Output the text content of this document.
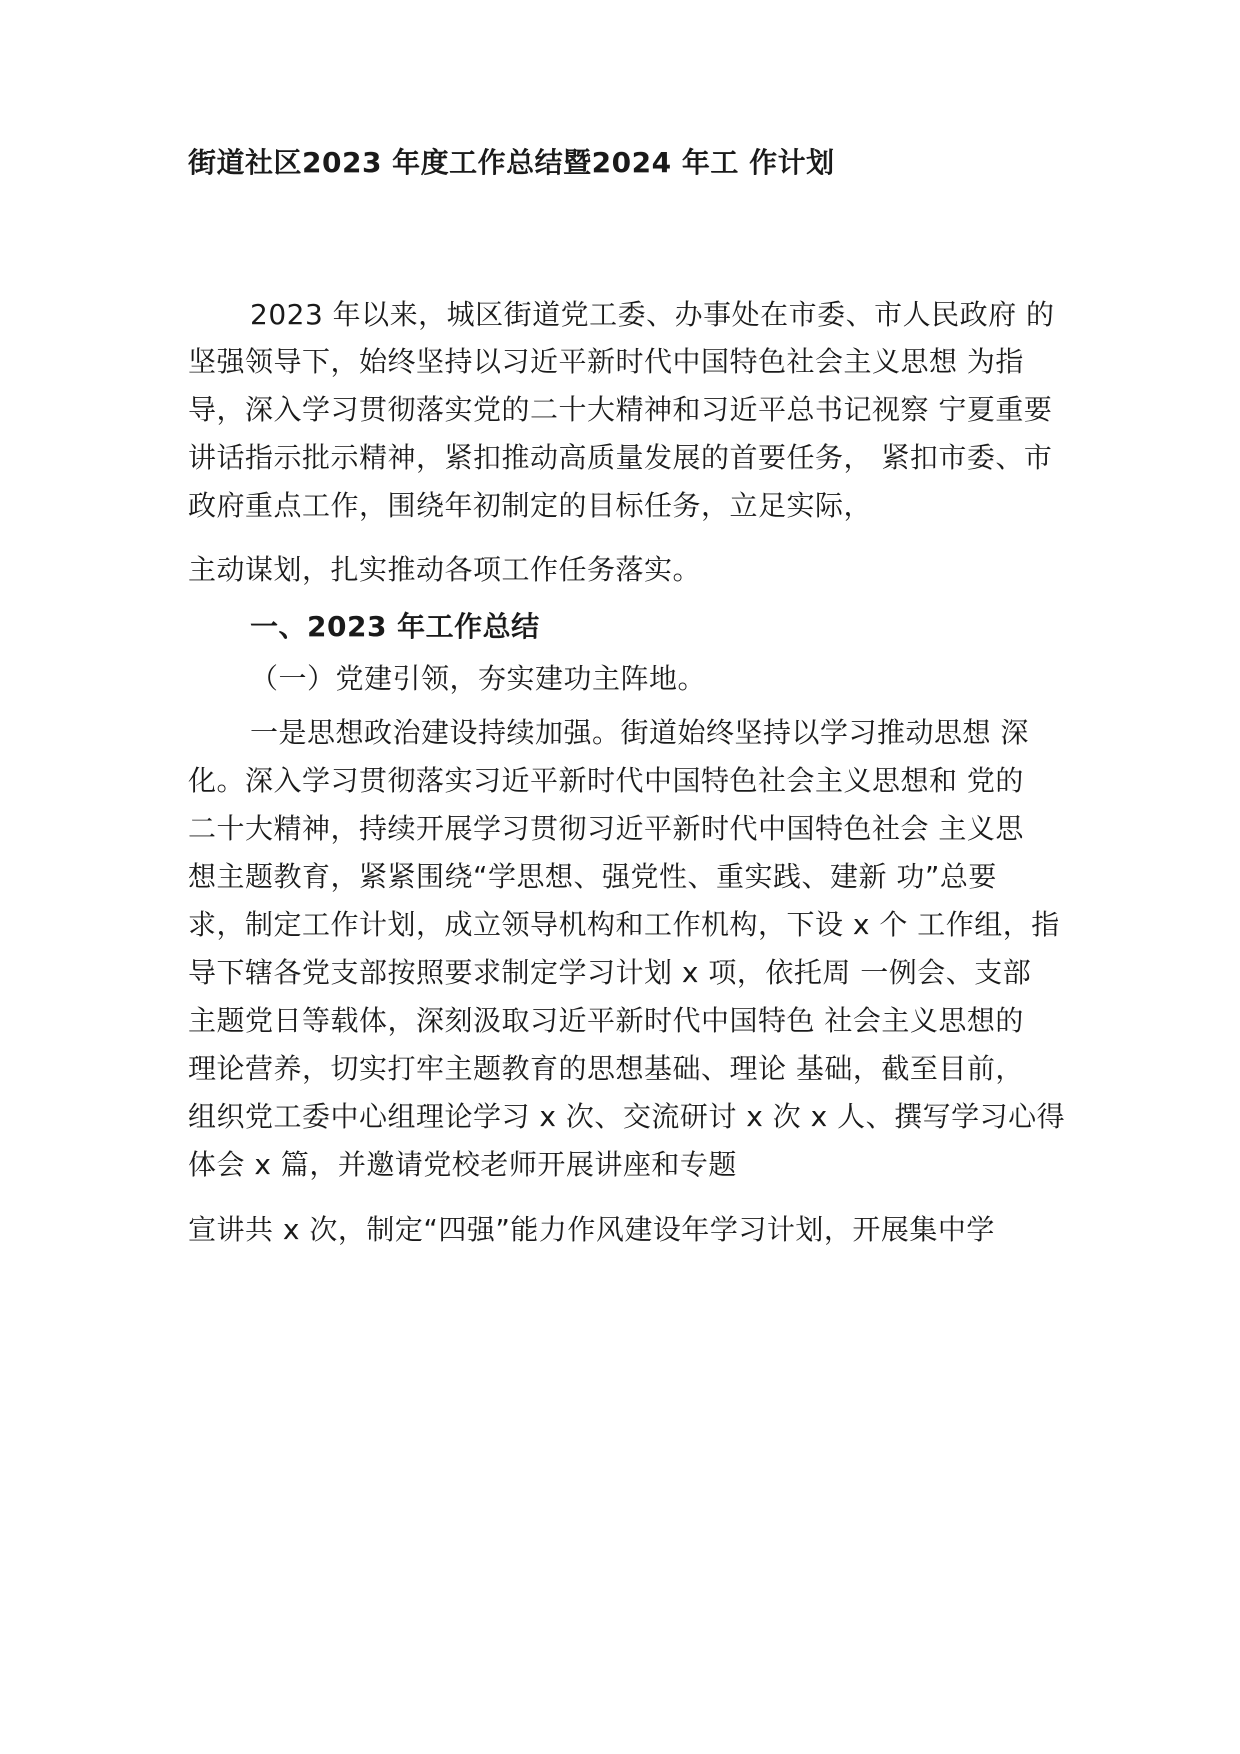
街道社区2023 年度工作总结暨2024 年工 作计划
2023 年以来，城区街道党工委、办事处在市委、市人民政府 的
坚强领导下，始终坚持以习近平新时代中国特色社会主义思想 为指
导，深入学习贯彻落实党的二十大精神和习近平总书记视察 宁夏重要
讲话指示批示精神，紧扣推动高质量发展的首要任务， 紧扣市委、市
政府重点工作，围绕年初制定的目标任务，立足实际，
主动谋划，扎实推动各项工作任务落实。
一、2023 年工作总结
（一）党建引领，夯实建功主阵地。
一是思想政治建设持续加强。街道始终坚持以学习推动思想 深
化。深入学习贯彻落实习近平新时代中国特色社会主义思想和 党的
二十大精神，持续开展学习贯彻习近平新时代中国特色社会 主义思
想主题教育，紧紧围绕“学思想、强党性、重实践、建新 功”总要
求，制定工作计划，成立领导机构和工作机构，下设 x 个 工作组，指
导下辖各党支部按照要求制定学习计划 x 项，依托周 一例会、支部
主题党日等载体，深刻汲取习近平新时代中国特色 社会主义思想的
理论营养，切实打牢主题教育的思想基础、理论 基础，截至目前，
组织党工委中心组理论学习 x 次、交流研讨 x 次 x 人、撰写学习心得
体会 x 篇，并邀请党校老师开展讲座和专题
宣讲共 x 次，制定“四强”能力作风建设年学习计划，开展集中学
